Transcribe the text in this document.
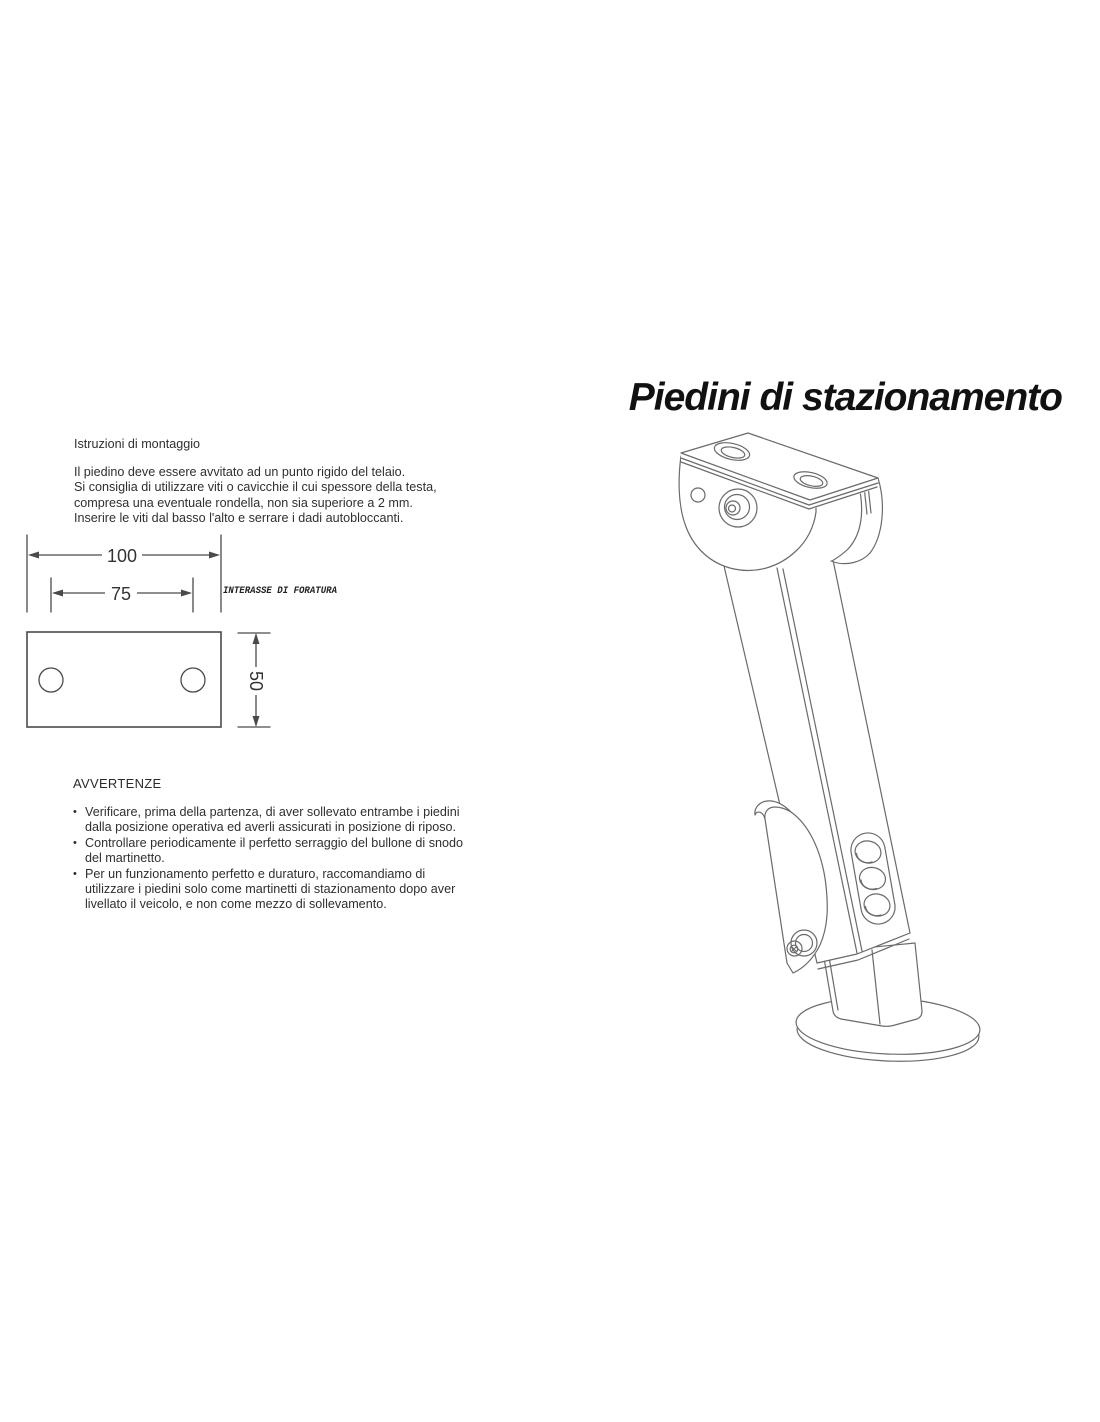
Piedini di stazionamento
Istruzioni di montaggio
Il piedino deve essere avvitato ad un punto rigido del telaio.
Si consiglia di utilizzare viti o cavicchie il cui spessore della testa,
compresa una eventuale rondella, non sia superiore a 2 mm.
Inserire le viti dal basso l'alto e serrare i dadi autobloccanti.
100
75
50
INTERASSE DI FORATURA
AVVERTENZE
• Verificare, prima della partenza, di aver sollevato entrambe i piedini
dalla posizione operativa ed averli assicurati in posizione di riposo.
• Controllare periodicamente il perfetto serraggio del bullone di snodo
del martinetto.
• Per un funzionamento perfetto e duraturo, raccomandiamo di
utilizzare i piedini solo come martinetti di stazionamento dopo aver
livellato il veicolo, e non come mezzo di sollevamento.
